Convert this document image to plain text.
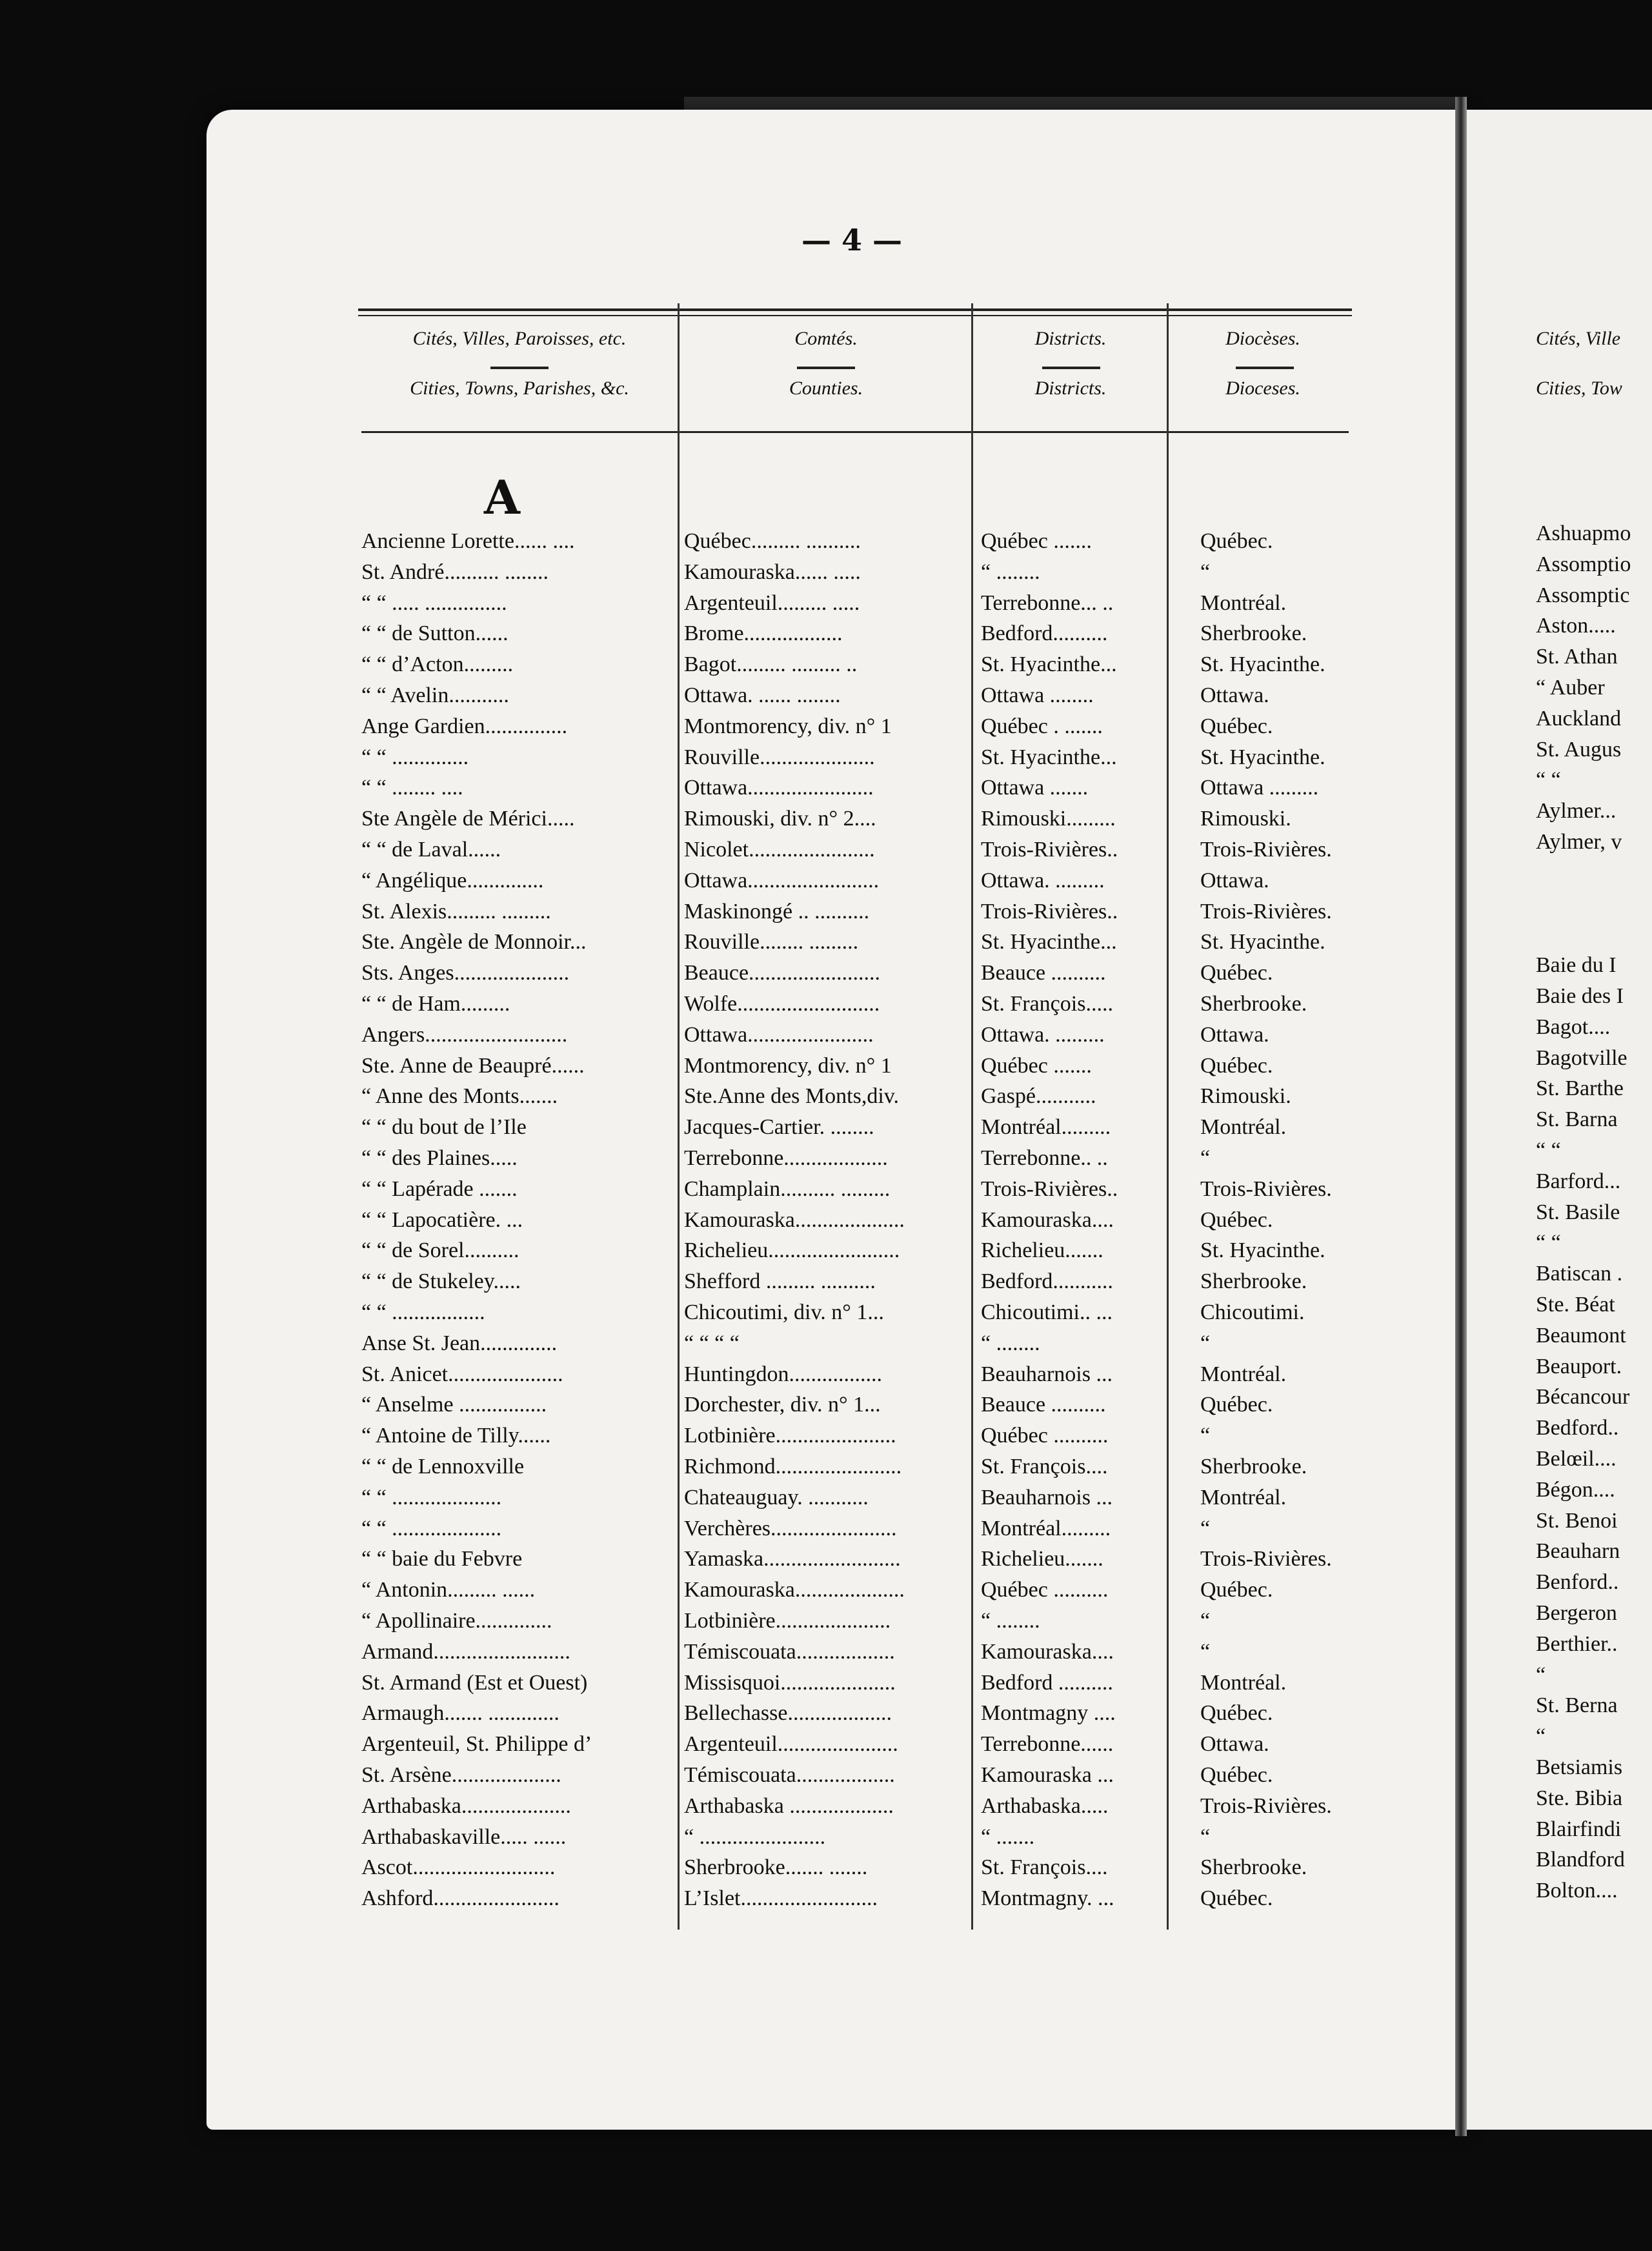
— 4 —
Cités, Villes, Paroisses, etc.
Cities, Towns, Parishes, &c.
Comtés.
Counties.
Districts.
Districts.
Diocèses.
Dioceses.
A
Ancienne Lorette...... ....	Québec......... ..........	Québec .......	Québec.
St. André.......... ........	Kamouraska...... .....	“ ........	“
“ “ ..... ...............	Argenteuil......... .....	Terrebonne... ..	Montréal.
“ “ de Sutton......	Brome..................	Bedford..........	Sherbrooke.
“ “ d’Acton.........	Bagot......... ......... ..	St. Hyacinthe...	St. Hyacinthe.
“ “ Avelin...........	Ottawa. ...... ........	Ottawa ........	Ottawa.
Ange Gardien...............	Montmorency, div. n° 1	Québec . .......	Québec.
“ “ ..............	Rouville.....................	St. Hyacinthe...	St. Hyacinthe.
“ “ ........ ....	Ottawa.......................	Ottawa .......	Ottawa .........
Ste Angèle de Mérici.....	Rimouski, div. n° 2....	Rimouski.........	Rimouski.
“ “ de Laval......	Nicolet.......................	Trois-Rivières..	Trois-Rivières.
“ Angélique..............	Ottawa........................	Ottawa. .........	Ottawa.
St. Alexis......... .........	Maskinongé .. ..........	Trois-Rivières..	Trois-Rivières.
Ste. Angèle de Monnoir...	Rouville........ .........	St. Hyacinthe...	St. Hyacinthe.
Sts. Anges.....................	Beauce........................	Beauce ..........	Québec.
“ “ de Ham.........	Wolfe..........................	St. François.....	Sherbrooke.
Angers..........................	Ottawa.......................	Ottawa. .........	Ottawa.
Ste. Anne de Beaupré......	Montmorency, div. n° 1	Québec .......	Québec.
“ Anne des Monts.......	Ste.Anne des Monts,div.	Gaspé...........	Rimouski.
“ “ du bout de l’Ile	Jacques-Cartier. ........	Montréal.........	Montréal.
“ “ des Plaines.....	Terrebonne...................	Terrebonne.. ..	“
“ “ Lapérade .......	Champlain.......... .........	Trois-Rivières..	Trois-Rivières.
“ “ Lapocatière. ...	Kamouraska....................	Kamouraska....	Québec.
“ “ de Sorel..........	Richelieu........................	Richelieu.......	St. Hyacinthe.
“ “ de Stukeley.....	Shefford ......... ..........	Bedford...........	Sherbrooke.
“ “ .................	Chicoutimi, div. n° 1...	Chicoutimi.. ...	Chicoutimi.
Anse St. Jean..............	“ “ “ “	“ ........	“
St. Anicet.....................	Huntingdon.................	Beauharnois ...	Montréal.
“ Anselme ................	Dorchester, div. n° 1...	Beauce ..........	Québec.
“ Antoine de Tilly......	Lotbinière......................	Québec ..........	“
“ “ de Lennoxville	Richmond.......................	St. François....	Sherbrooke.
“ “ ....................	Chateauguay. ...........	Beauharnois ...	Montréal.
“ “ ....................	Verchères.......................	Montréal.........	“
“ “ baie du Febvre	Yamaska.........................	Richelieu.......	Trois-Rivières.
“ Antonin......... ......	Kamouraska....................	Québec ..........	Québec.
“ Apollinaire..............	Lotbinière.....................	“ ........	“
Armand.........................	Témiscouata..................	Kamouraska....	“
St. Armand (Est et Ouest)	Missisquoi.....................	Bedford ..........	Montréal.
Armaugh....... .............	Bellechasse...................	Montmagny ....	Québec.
Argenteuil, St. Philippe d’	Argenteuil......................	Terrebonne......	Ottawa.
St. Arsène....................	Témiscouata..................	Kamouraska ...	Québec.
Arthabaska....................	Arthabaska ...................	Arthabaska.....	Trois-Rivières.
Arthabaskaville..... ......	“ .......................	“ .......	“
Ascot..........................	Sherbrooke....... .......	St. François....	Sherbrooke.
Ashford.......................	L’Islet.........................	Montmagny. ...	Québec.
Cités, Ville
Cities, Tow
Ashuapmo
Assomptio
Assomptic
Aston.....
St. Athan
“ Auber
Auckland
St. Augus
“ “
Aylmer...
Aylmer, v
Baie du I
Baie des I
Bagot....
Bagotville
St. Barthe
St. Barna
“ “
Barford...
St. Basile
“ “
Batiscan .
Ste. Béat
Beaumont
Beauport.
Bécancour
Bedford..
Belœil....
Bégon....
St. Benoi
Beauharn
Benford..
Bergeron
Berthier..
“
St. Berna
“
Betsiamis
Ste. Bibia
Blairfindi
Blandford
Bolton....
